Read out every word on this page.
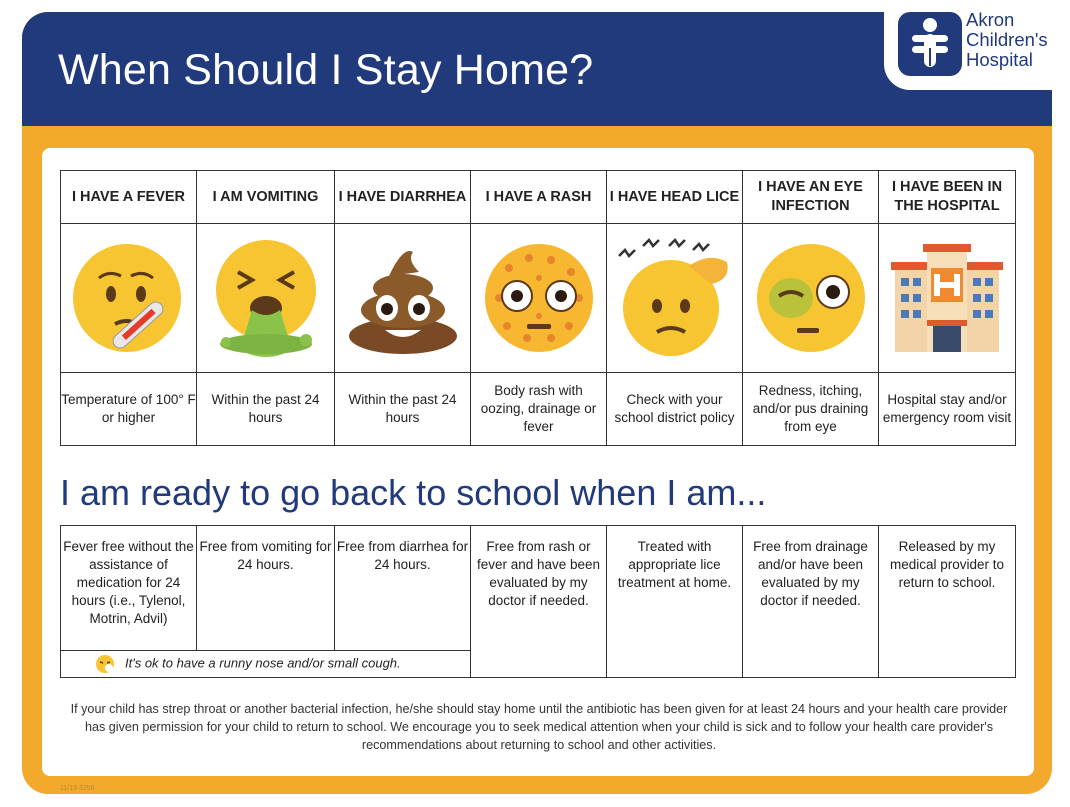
When Should I Stay Home?
Akron
Children's
Hospital
I HAVE A FEVER	I AM VOMITING	I HAVE DIARRHEA	I HAVE A RASH	I HAVE HEAD LICE	I HAVE AN EYE INFECTION	I HAVE BEEN IN THE HOSPITAL

Temperature of 100° F or higher	Within the past 24 hours	Within the past 24 hours	Body rash with oozing, drainage or fever	Check with your school district policy	Redness, itching, and/or pus draining from eye	Hospital stay and/or emergency room visit
I am ready to go back to school when I am...
Fever free without the assistance of medication for 24 hours (i.e., Tylenol, Motrin, Advil)	Free from vomiting for 24 hours.	Free from diarrhea for 24 hours.	Free from rash or fever and have been evaluated by my doctor if needed.	Treated with appropriate lice treatment at home.	Free from drainage and/or have been evaluated by my doctor if needed.	Released by my medical provider to return to school.

It's ok to have a runny nose and/or small cough.
If your child has strep throat or another bacterial infection, he/she should stay home until the antibiotic has been given for at least 24 hours and your health care provider has given permission for your child to return to school. We encourage you to seek medical attention when your child is sick and to follow your health care provider's recommendations about returning to school and other activities.
11/19 3256
